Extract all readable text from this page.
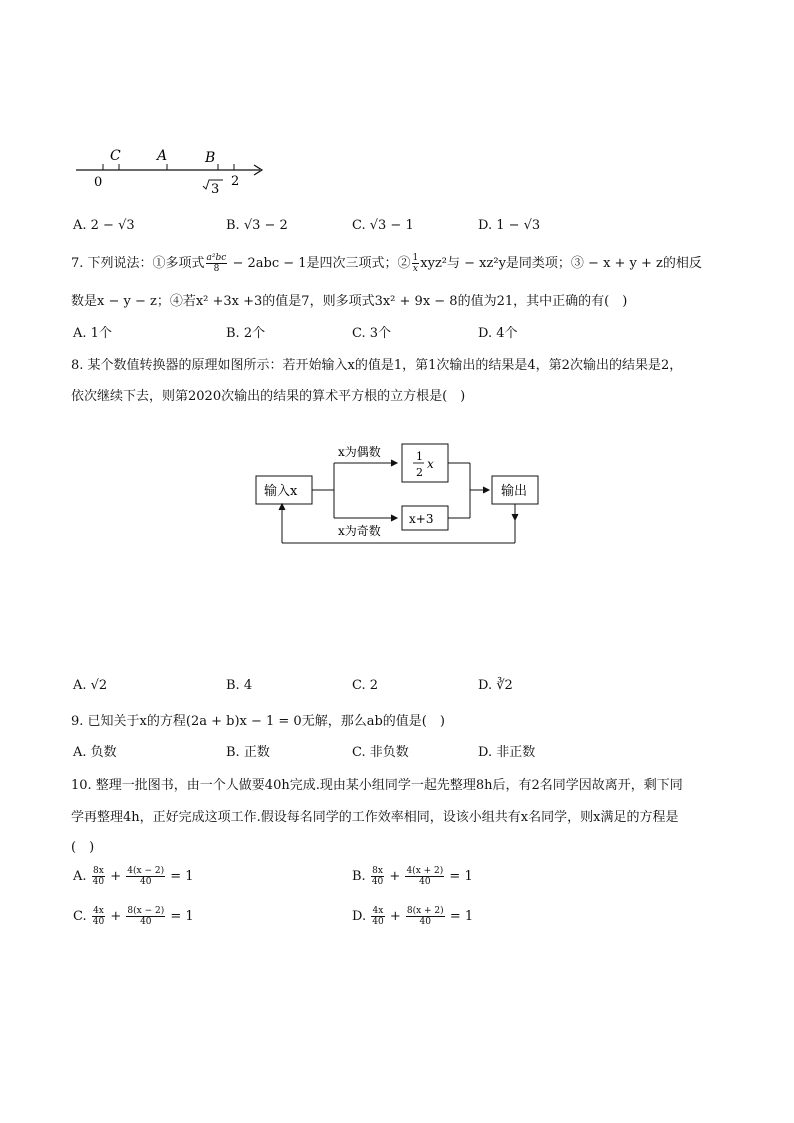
C	A	B
0	2
3
A. 2 − √3	B. √3 − 2	C. √3 − 1	D. 1 − √3
7. 下列说法：①多项式 $\frac{\text{a²bc}}{8} - 2abc - 1$是四次三项式；② $\frac{1}{x} xyz^2$与 − xz²y是同类项；③ − x + y + z的相反
数是x − y − z；④若x² +3x +3的值是7，则多项式3x² + 9x − 8的值为21，其中正确的有(　)
A. 1个	B. 2个	C. 3个	D. 4个
8. 某个数值转换器的原理如图所示：若开始输入x的值是1，第1次输出的结果是4，第2次输出的结果是2，
依次继续下去，则第2020次输出的结果的算术平方根的立方根是(　)
输入x
x为偶数
x为奇数
1
2
x
x+3
输出
A. √2	B. 4	C. 2	D. ∛2
9. 已知关于x的方程(2a + b)x − 1 = 0无解，那么ab的值是(　)
A. 负数	B. 正数	C. 非负数	D. 非正数
10. 整理一批图书，由一个人做要40h完成.现由某小组同学一起先整理8h后，有2名同学因故离开，剩下同
学再整理4h，正好完成这项工作.假设每名同学的工作效率相同，设该小组共有x名同学，则x满足的方程是
(　)
A. $\frac{8x}{40} + \frac{4(x - 2)}{40} = 1$	B. $\frac{8x}{40} + \frac{4(x + 2)}{40} = 1$
C. $\frac{4x}{40} + \frac{8(x - 2)}{40} = 1$	D. $\frac{4x}{40} + \frac{8(x + 2)}{40} = 1$
